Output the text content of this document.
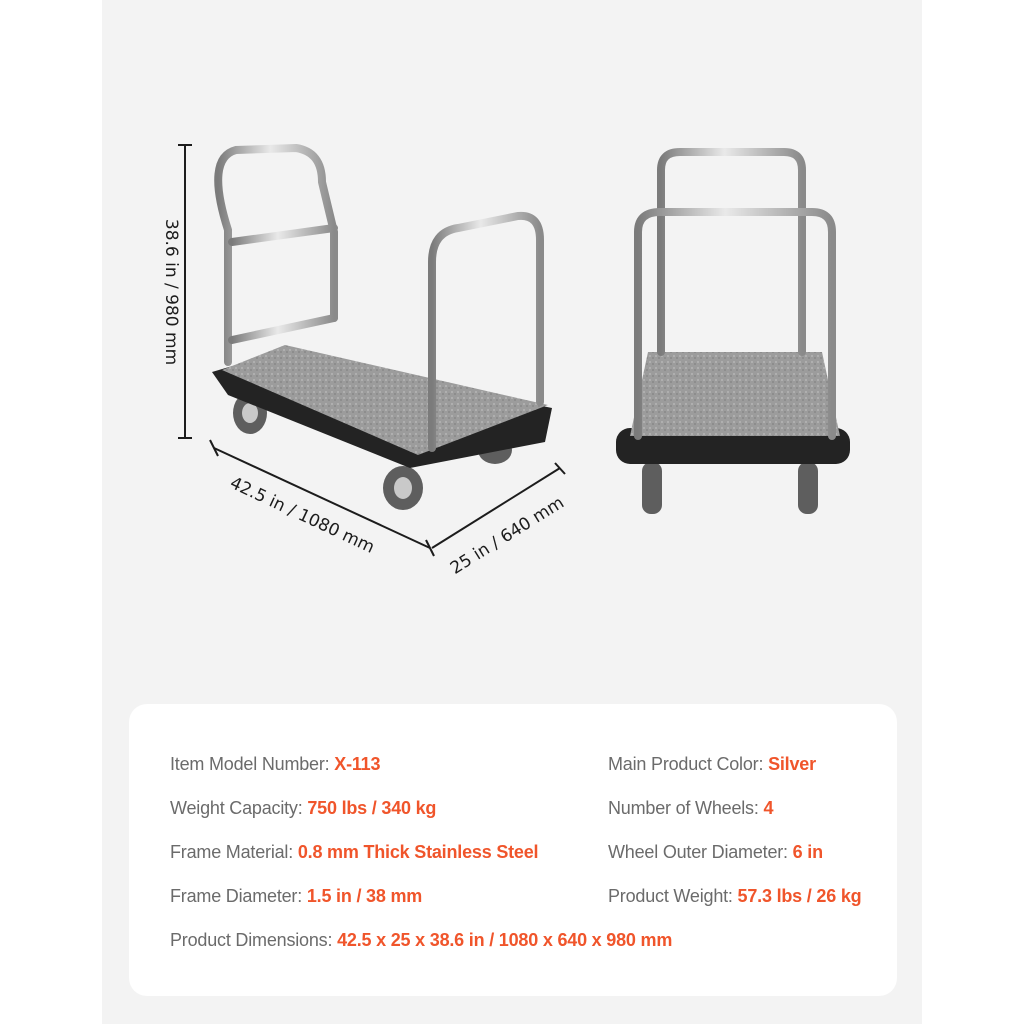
38.6 in / 980 mm
42.5 in / 1080 mm	25 in / 640 mm
Item Model Number: X-113	Main Product Color: Silver
Weight Capacity: 750 lbs / 340 kg	Number of Wheels: 4
Frame Material: 0.8 mm Thick Stainless Steel	Wheel Outer Diameter: 6 in
Frame Diameter: 1.5 in / 38 mm	Product Weight: 57.3 lbs / 26 kg
Product Dimensions: 42.5 x 25 x 38.6 in / 1080 x 640 x 980 mm
